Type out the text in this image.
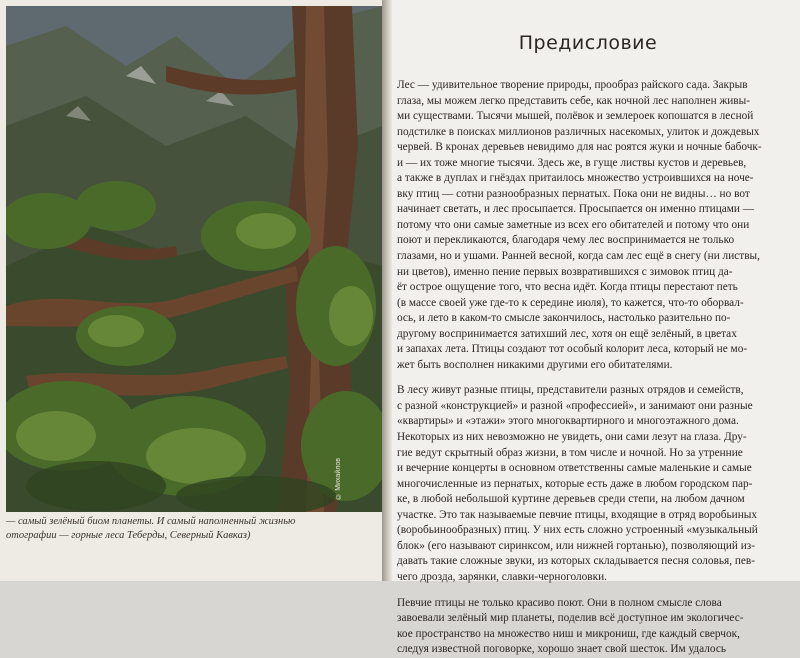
© Михайлов
— самый зелёный биом планеты. И самый наполненный жизнью
отографии — горные леса Теберды, Северный Кавказ)
Предисловие
Лес — удивительное творение природы, прообраз райского сада. Закрыв
глаза, мы можем легко представить себе, как ночной лес наполнен живы-
ми существами. Тысячи мышей, полёвок и землероек копошатся в лесной
подстилке в поисках миллионов различных насекомых, улиток и дождевых
червей. В кронах деревьев невидимо для нас роятся жуки и ночные бабочк-
и — их тоже многие тысячи. Здесь же, в гуще листвы кустов и деревьев,
а также в дуплах и гнёздах притаилось множество устроившихся на ноче-
вку птиц — сотни разнообразных пернатых. Пока они не видны… но вот
начинает светать, и лес просыпается. Просыпается он именно птицами —
потому что они самые заметные из всех его обитателей и потому что они
поют и перекликаются, благодаря чему лес воспринимается не только
глазами, но и ушами. Ранней весной, когда сам лес ещё в снегу (ни листвы,
ни цветов), именно пение первых возвратившихся с зимовок птиц да-
ёт острое ощущение того, что весна идёт. Когда птицы перестают петь
(в массе своей уже где-то к середине июля), то кажется, что-то оборвал-
ось, и лето в каком-то смысле закончилось, настолько разительно по-
другому воспринимается затихший лес, хотя он ещё зелёный, в цветах
и запахах лета. Птицы создают тот особый колорит леса, который не мо-
жет быть восполнен никакими другими его обитателями.
В лесу живут разные птицы, представители разных отрядов и семейств,
с разной «конструкцией» и разной «профессией», и занимают они разные
«квартиры» и «этажи» этого многоквартирного и многоэтажного дома.
Некоторых из них невозможно не увидеть, они сами лезут на глаза. Дру-
гие ведут скрытный образ жизни, в том числе и ночной. Но за утренние
и вечерние концерты в основном ответственны самые маленькие и самые
многочисленные из пернатых, которые есть даже в любом городском пар-
ке, в любой небольшой куртине деревьев среди степи, на любом дачном
участке. Это так называемые певчие птицы, входящие в отряд воробьиных
(воробьинообразных) птиц. У них есть сложно устроенный «музыкальный
блок» (его называют сиринксом, или нижней гортанью), позволяющий из-
давать такие сложные звуки, из которых складывается песня соловья, пев-
чего дрозда, зарянки, славки-черноголовки.
Певчие птицы не только красиво поют. Они в полном смысле слова
завоевали зелёный мир планеты, поделив всё доступное им экологичес-
кое пространство на множество ниш и микрониш, где каждый сверчок,
следуя известной поговорке, хорошо знает свой шесток. Им удалось
